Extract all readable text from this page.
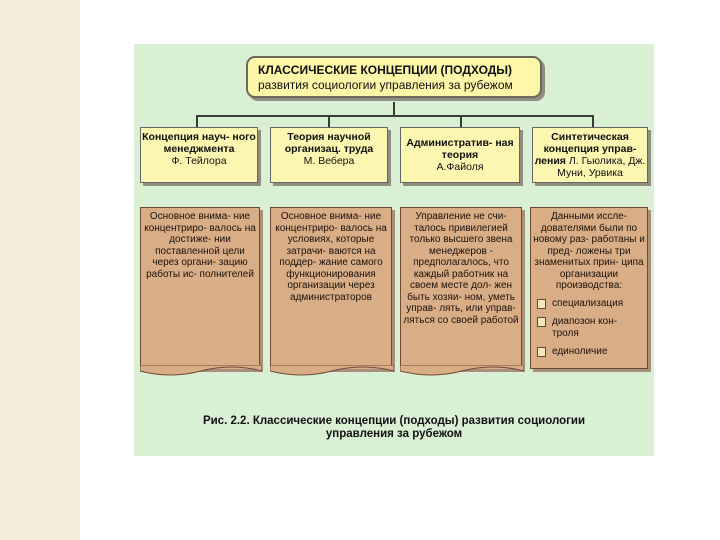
КЛАССИЧЕСКИЕ КОНЦЕПЦИИ (ПОДХОДЫ)
развития социологии управления за рубежом
Концепция науч- ного менеджмента
Ф. Тейлора
Теория научной организац. труда
М. Вебера
Административ- ная теория
А.Файоля
Синтетическая концепция управ- ления Л. Гьюлика, Дж. Муни, Урвика
Основное внима- ние концентриро- валось на достиже- нии поставленной цели через органи- зацию работы ис- полнителей
Основное внима- ние концентриро- валось на условиях, которые затрачи- ваются на поддер- жание самого функционирования организации через администраторов
Управление не счи- талось привилегией только высшего звена менеджеров - предполагалось, что каждый работник на своем месте дол- жен быть хозяи- ном, уметь управ- лять, или управ- ляться со своей работой
Данными иссле- дователями были по новому раз- работаны и пред- ложены три знаменитых прин- ципа организации производства:
специализация
диапозон кон- троля
единоличие
Рис. 2.2. Классические концепции (подходы) развития социологии
управления за рубежом
